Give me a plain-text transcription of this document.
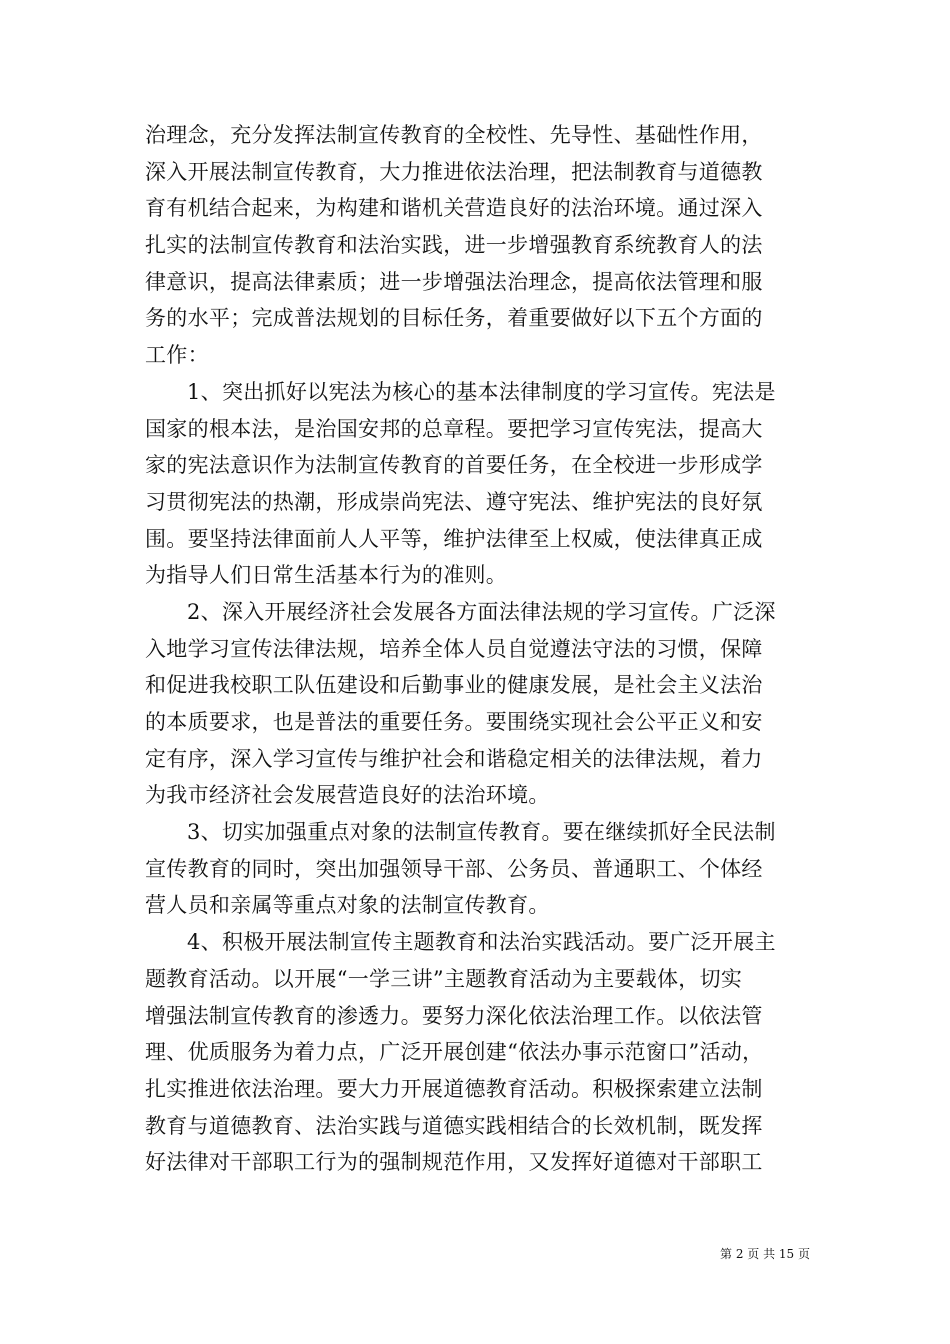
治理念，充分发挥法制宣传教育的全校性、先导性、基础性作用，
深入开展法制宣传教育，大力推进依法治理，把法制教育与道德教
育有机结合起来，为构建和谐机关营造良好的法治环境。通过深入
扎实的法制宣传教育和法治实践，进一步增强教育系统教育人的法
律意识，提高法律素质；进一步增强法治理念，提高依法管理和服
务的水平；完成普法规划的目标任务，着重要做好以下五个方面的
工作：
1、突出抓好以宪法为核心的基本法律制度的学习宣传。宪法是
国家的根本法，是治国安邦的总章程。要把学习宣传宪法，提高大
家的宪法意识作为法制宣传教育的首要任务，在全校进一步形成学
习贯彻宪法的热潮，形成崇尚宪法、遵守宪法、维护宪法的良好氛
围。要坚持法律面前人人平等，维护法律至上权威，使法律真正成
为指导人们日常生活基本行为的准则。
2、深入开展经济社会发展各方面法律法规的学习宣传。广泛深
入地学习宣传法律法规，培养全体人员自觉遵法守法的习惯，保障
和促进我校职工队伍建设和后勤事业的健康发展，是社会主义法治
的本质要求，也是普法的重要任务。要围绕实现社会公平正义和安
定有序，深入学习宣传与维护社会和谐稳定相关的法律法规，着力
为我市经济社会发展营造良好的法治环境。
3、切实加强重点对象的法制宣传教育。要在继续抓好全民法制
宣传教育的同时，突出加强领导干部、公务员、普通职工、个体经
营人员和亲属等重点对象的法制宣传教育。
4、积极开展法制宣传主题教育和法治实践活动。要广泛开展主
题教育活动。以开展“一学三讲”主题教育活动为主要载体，切实
增强法制宣传教育的渗透力。要努力深化依法治理工作。以依法管
理、优质服务为着力点，广泛开展创建“依法办事示范窗口”活动，
扎实推进依法治理。要大力开展道德教育活动。积极探索建立法制
教育与道德教育、法治实践与道德实践相结合的长效机制，既发挥
好法律对干部职工行为的强制规范作用，又发挥好道德对干部职工
第 2 页 共 15 页
